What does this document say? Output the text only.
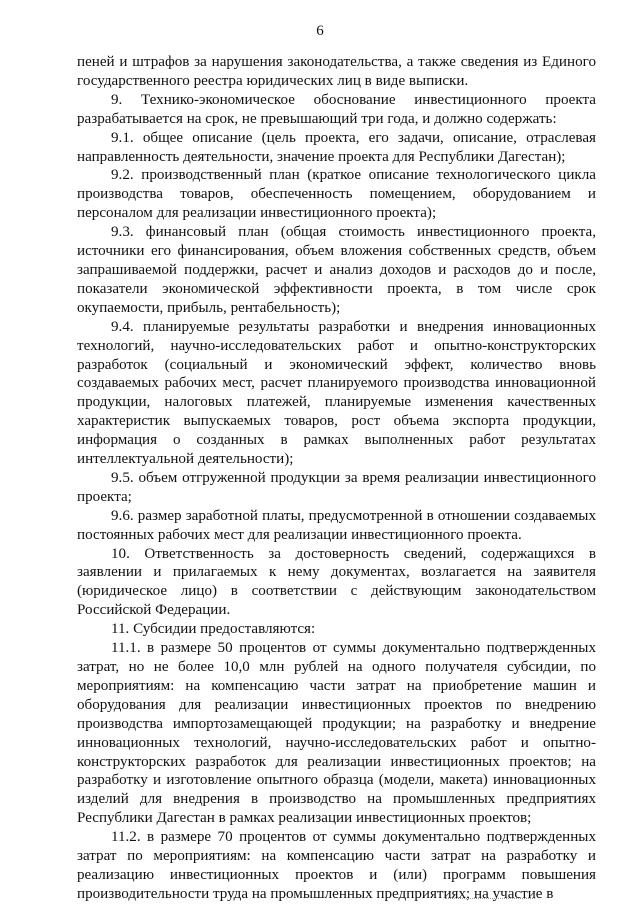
6

пеней и штрафов за нарушения законодательства, а также сведения из Единого государственного реестра юридических лиц в виде выписки.

9. Технико-экономическое обоснование инвестиционного проекта разрабатывается на срок, не превышающий три года, и должно содержать:

9.1. общее описание (цель проекта, его задачи, описание, отраслевая направленность деятельности, значение проекта для Республики Дагестан);

9.2. производственный план (краткое описание технологического цикла производства товаров, обеспеченность помещением, оборудованием и персоналом для реализации инвестиционного проекта);

9.3. финансовый план (общая стоимость инвестиционного проекта, источники его финансирования, объем вложения собственных средств, объем запрашиваемой поддержки, расчет и анализ доходов и расходов до и после, показатели экономической эффективности проекта, в том числе срок окупаемости, прибыль, рентабельность);

9.4. планируемые результаты разработки и внедрения инновационных технологий, научно-исследовательских работ и опытно-конструкторских разработок (социальный и экономический эффект, количество вновь создаваемых рабочих мест, расчет планируемого производства инновационной продукции, налоговых платежей, планируемые изменения качественных характеристик выпускаемых товаров, рост объема экспорта продукции, информация о созданных в рамках выполненных работ результатах интеллектуальной деятельности);

9.5. объем отгруженной продукции за время реализации инвестиционного проекта;

9.6. размер заработной платы, предусмотренной в отношении создаваемых постоянных рабочих мест для реализации инвестиционного проекта.

10. Ответственность за достоверность сведений, содержащихся в заявлении и прилагаемых к нему документах, возлагается на заявителя (юридическое лицо) в соответствии с действующим законодательством Российской Федерации.

11. Субсидии предоставляются:

11.1. в размере 50 процентов от суммы документально подтвержденных затрат, но не более 10,0 млн рублей на одного получателя субсидии, по мероприятиям: на компенсацию части затрат на приобретение машин и оборудования для реализации инвестиционных проектов по внедрению производства импортозамещающей продукции; на разработку и внедрение инновационных технологий, научно-исследовательских работ и опытно-конструкторских разработок для реализации инвестиционных проектов; на разработку и изготовление опытного образца (модели, макета) инновационных изделий для внедрения в производство на промышленных предприятиях Республики Дагестан в рамках реализации инвестиционных проектов;

11.2. в размере 70 процентов от суммы документально подтвержденных затрат по мероприятиям: на компенсацию части затрат на разработку и реализацию инвестиционных проектов и (или) программ повышения производительности труда на промышленных предприятиях; на участие в
